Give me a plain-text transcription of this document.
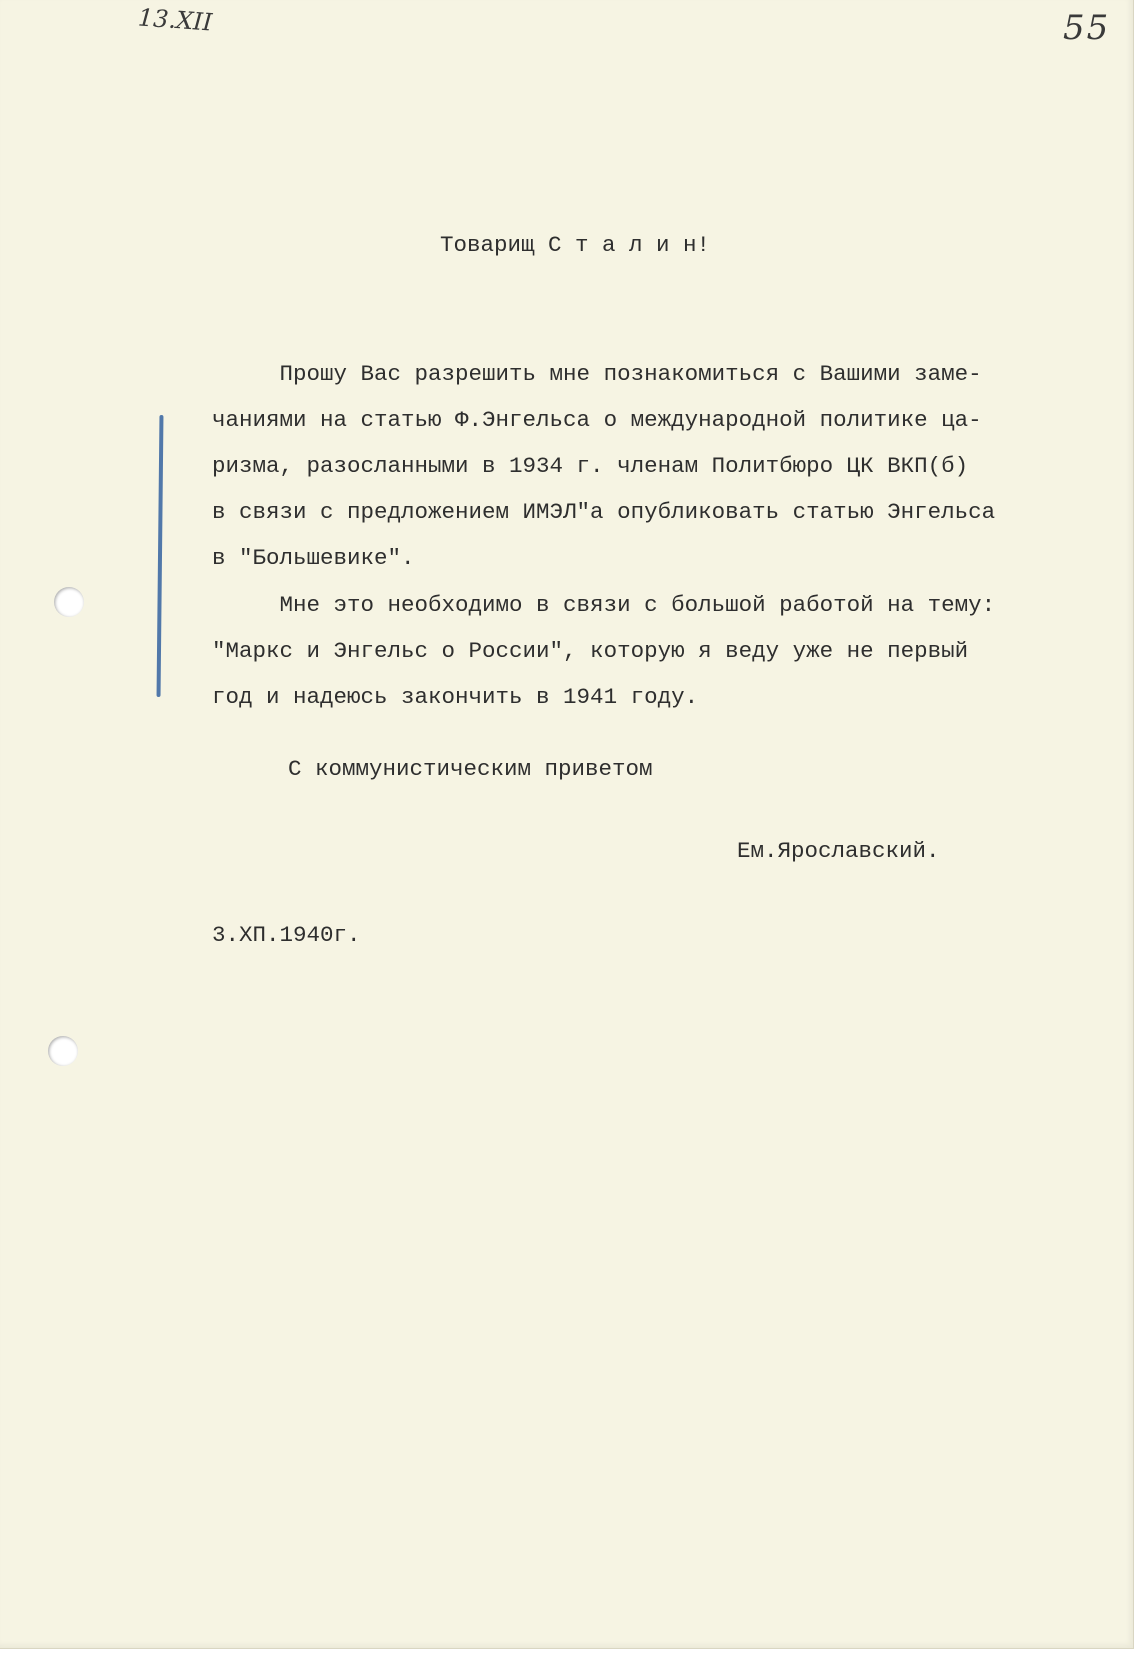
13.XII	55
Товарищ С т а л и н!
Прошу Вас разрешить мне познакомиться с Вашими заме-
чаниями на статью Ф.Энгельса о международной политике ца-
ризма, разосланными в 1934 г. членам Политбюро ЦК ВКП(б)
в связи с предложением ИМЭЛ"а опубликовать статью Энгельса
в "Большевике".
Мне это необходимо в связи с большой работой на тему:
"Маркс и Энгельс о России", которую я веду уже не первый
год и надеюсь закончить в 1941 году.
С коммунистическим приветом
Ем.Ярославский.
3.XП.1940г.
